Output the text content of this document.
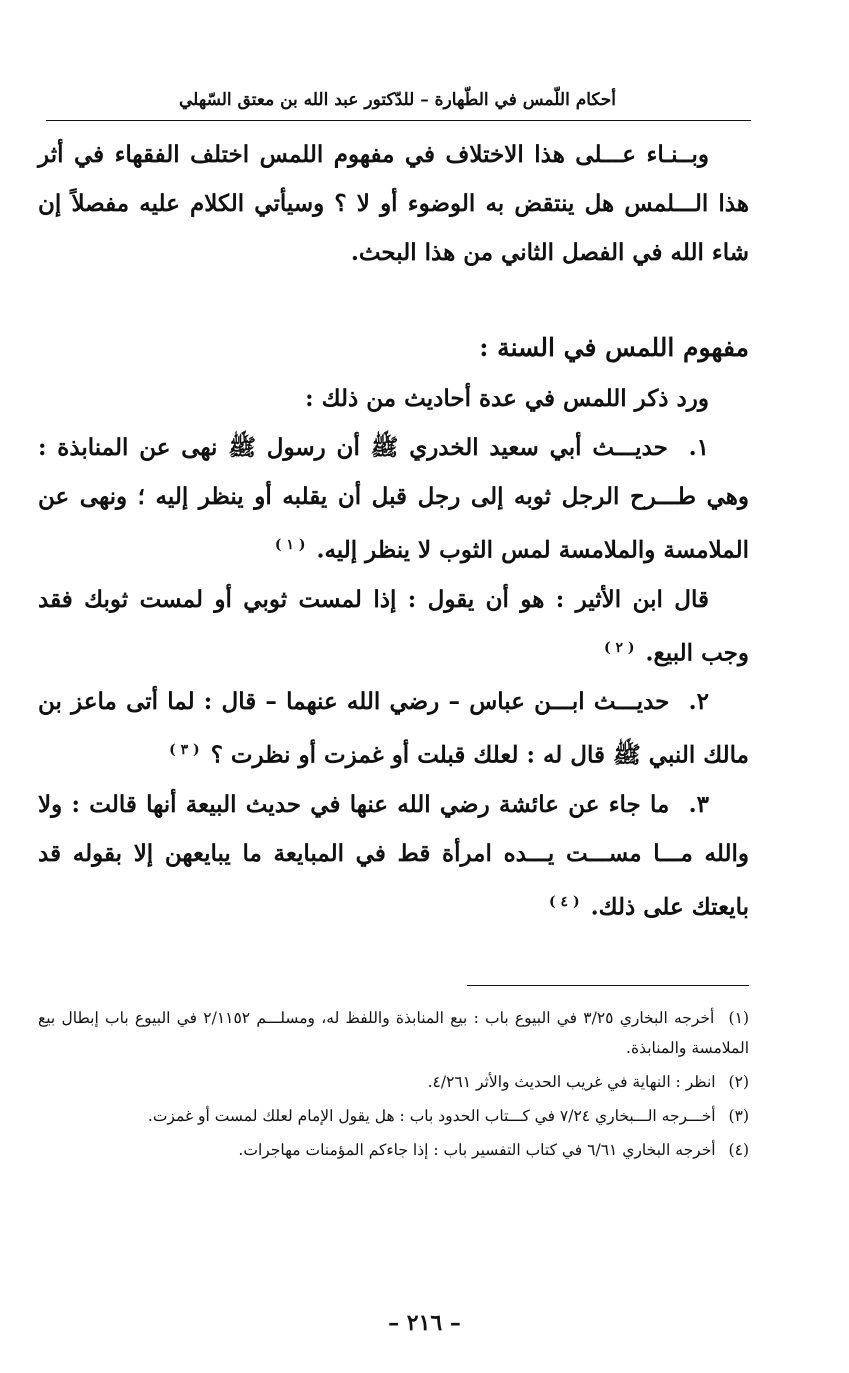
أحكام اللّمس في الطّهارة – للدّكتور عبد الله بن معتق السّهلي

وبــنـاء عـــلى هذا الاختلاف في مفهوم اللمس اختلف الفقهاء في أثر هذا الـــلمس هل ينتقض به الوضوء أو لا ؟ وسيأتي الكلام عليه مفصلاً إن شاء الله في الفصل الثاني من هذا البحث.

مفهوم اللمس في السنة :

ورد ذكر اللمس في عدة أحاديث من ذلك :

١. حديـــث أبي سعيد الخدري ﷺ أن رسول ﷺ نهى عن المنابذة : وهي طـــرح الرجل ثوبه إلى رجل قبل أن يقلبه أو ينظر إليه ؛ ونهى عن الملامسة والملامسة لمس الثوب لا ينظر إليه. $^{( ١ )}$

قال ابن الأثير : هو أن يقول : إذا لمست ثوبي أو لمست ثوبك فقد وجب البيع. $^{( ٢ )}$

٢. حديـــث ابـــن عباس – رضي الله عنهما – قال : لما أتى ماعز بن مالك النبي ﷺ قال له : لعلك قبلت أو غمزت أو نظرت ؟ $^{( ٣ )}$

٣. ما جاء عن عائشة رضي الله عنها في حديث البيعة أنها قالت : ولا والله مـــا مســـت يـــده امرأة قط في المبايعة ما يبايعهن إلا بقوله قد بايعتك على ذلك. $^{( ٤ )}$

(١) أخرجه البخاري ٣/٢٥ في البيوع باب : بيع المنابذة واللفظ له، ومسلـــم ٢/١١٥٢ في البيوع باب إبطال بيع الملامسة والمنابذة.

(٢) انظر : النهاية في غريب الحديث والأثر ٤/٢٦١.

(٣) أخـــرجه الـــبخاري ٧/٢٤ في كـــتاب الحدود باب : هل يقول الإمام لعلك لمست أو غمزت.

(٤) أخرجه البخاري ٦/٦١ في كتاب التفسير باب : إذا جاءكم المؤمنات مهاجرات.

– ٢١٦ –
